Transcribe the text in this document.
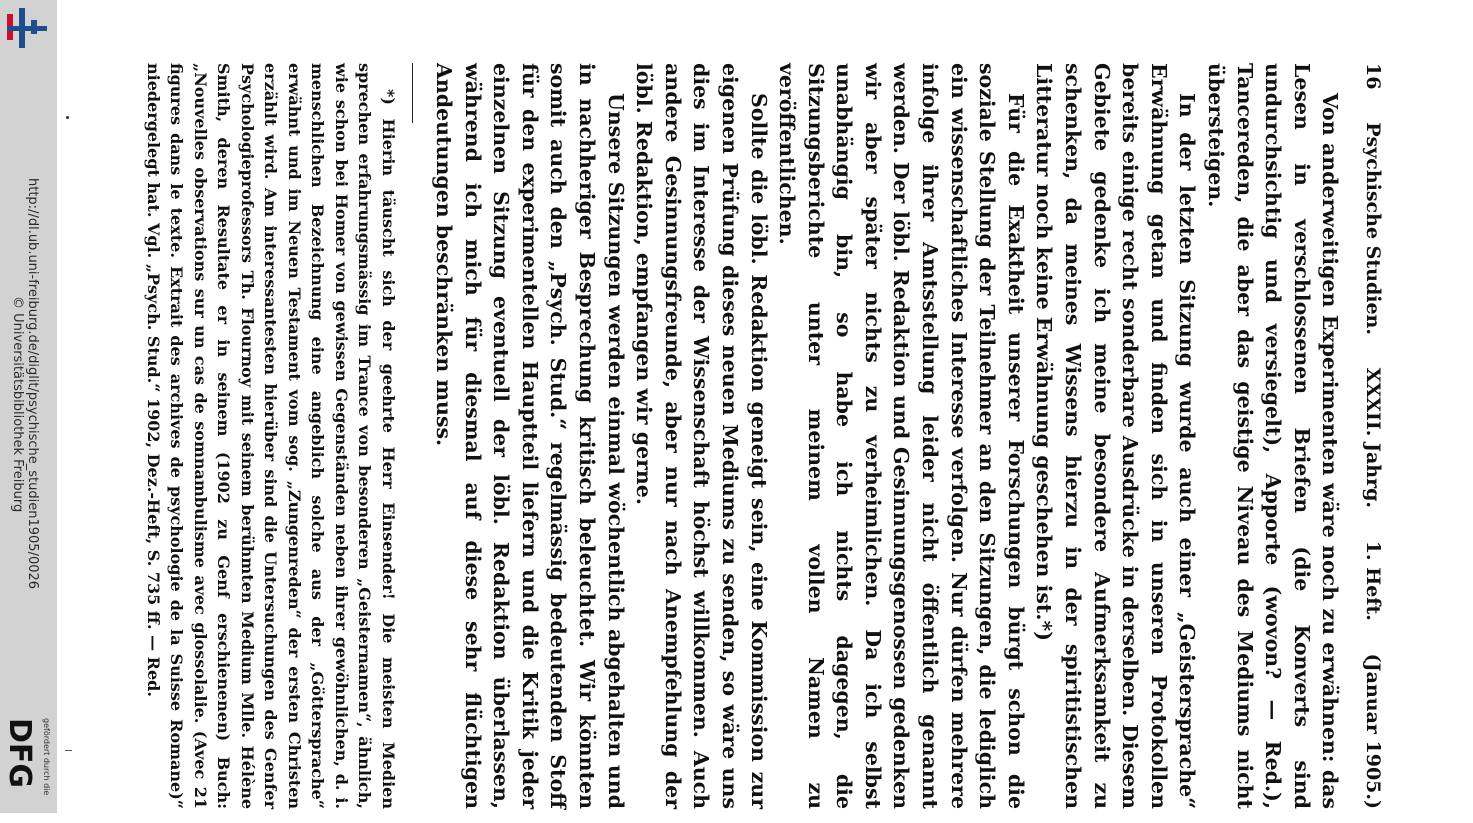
http://dl.ub.uni-freiburg.de/diglit/psychische_studien1905/0026
© Universitätsbibliothek Freiburg
gefördert durch die
DFG
16
Psychische Studien.
XXXII. Jahrg.
1. Heft.
(Januar 1905.)

Von anderweitigen Experimenten wäre noch zu erwähnen: das Lesen in verschlossenen Briefen (die Konverts sind undurchsichtig und versiegelt), Apporte (wovon? — Red.), Tancereden, die aber das geistige Niveau des Mediums nicht übersteigen.

In der letzten Sitzung wurde auch einer „Geistersprache“ Erwähnung getan und finden sich in unseren Protokollen bereits einige recht sonderbare Ausdrücke in derselben. Diesem Gebiete gedenke ich meine besondere Aufmerksamkeit zu schenken, da meines Wissens hierzu in der spiritistischen Litteratur noch keine Erwähnung geschehen ist.*)

Für die Exaktheit unserer Forschungen bürgt schon die soziale Stellung der Teilnehmer an den Sitzungen, die lediglich ein wissenschaftliches Interesse verfolgen. Nur dürfen mehrere infolge ihrer Amtsstellung leider nicht öffentlich genannt werden. Der löbl. Redaktion und Gesinnungsgenossen gedenken wir aber später nichts zu verheimlichen. Da ich selbst unabhängig bin, so habe ich nichts dagegen, die Sitzungsberichte unter meinem vollen Namen zu veröffentlichen.

Sollte die löbl. Redaktion geneigt sein, eine Kommission zur eigenen Prüfung dieses neuen Mediums zu senden, so wäre uns dies im Interesse der Wissenschaft höchst willkommen. Auch andere Gesinnungsfreunde, aber nur nach Anempfehlung der löbl. Redaktion, empfangen wir gerne.

Unsere Sitzungen werden einmal wöchentlich abgehalten und in nachheriger Besprechung kritisch beleuchtet. Wir könnten somit auch den „Psych. Stud.“ regelmässig bedeutenden Stoff für den experimentellen Hauptteil liefern und die Kritik jeder einzelnen Sitzung eventuell der löbl. Redaktion überlassen, während ich mich für diesmal auf diese sehr flüchtigen Andeutungen beschränken muss.

*) Hierin täuscht sich der geehrte Herr Einsender! Die meisten Medien sprechen erfahrungsmässig im Trance von besonderen „Geisternamen“, ähnlich, wie schon bei Homer von gewissen Gegenständen neben ihrer gewöhnlichen, d. i. menschlichen Bezeichnung eine angeblich solche aus der „Göttersprache“ erwähnt und im Neuen Testament vom sog. „Zungenreden“ der ersten Christen erzählt wird. Am interessantesten hierüber sind die Untersuchungen des Genfer Psychologieprofessors Th. Flournoy mit seinem berühmten Medium Mlle. Hélène Smith, deren Resultate er in seinem (1902 zu Genf erschienenen) Buch: „Nouvelles observations sur un cas de somnambulisme avec glossolalie. (Avec 21 figures dans le texte. Extrait des archives de psychologie de la Suisse Romane)“ niedergelegt hat. Vgl. „Psych. Stud.“ 1902, Dez.-Heft, S. 735 ff. — Red.
